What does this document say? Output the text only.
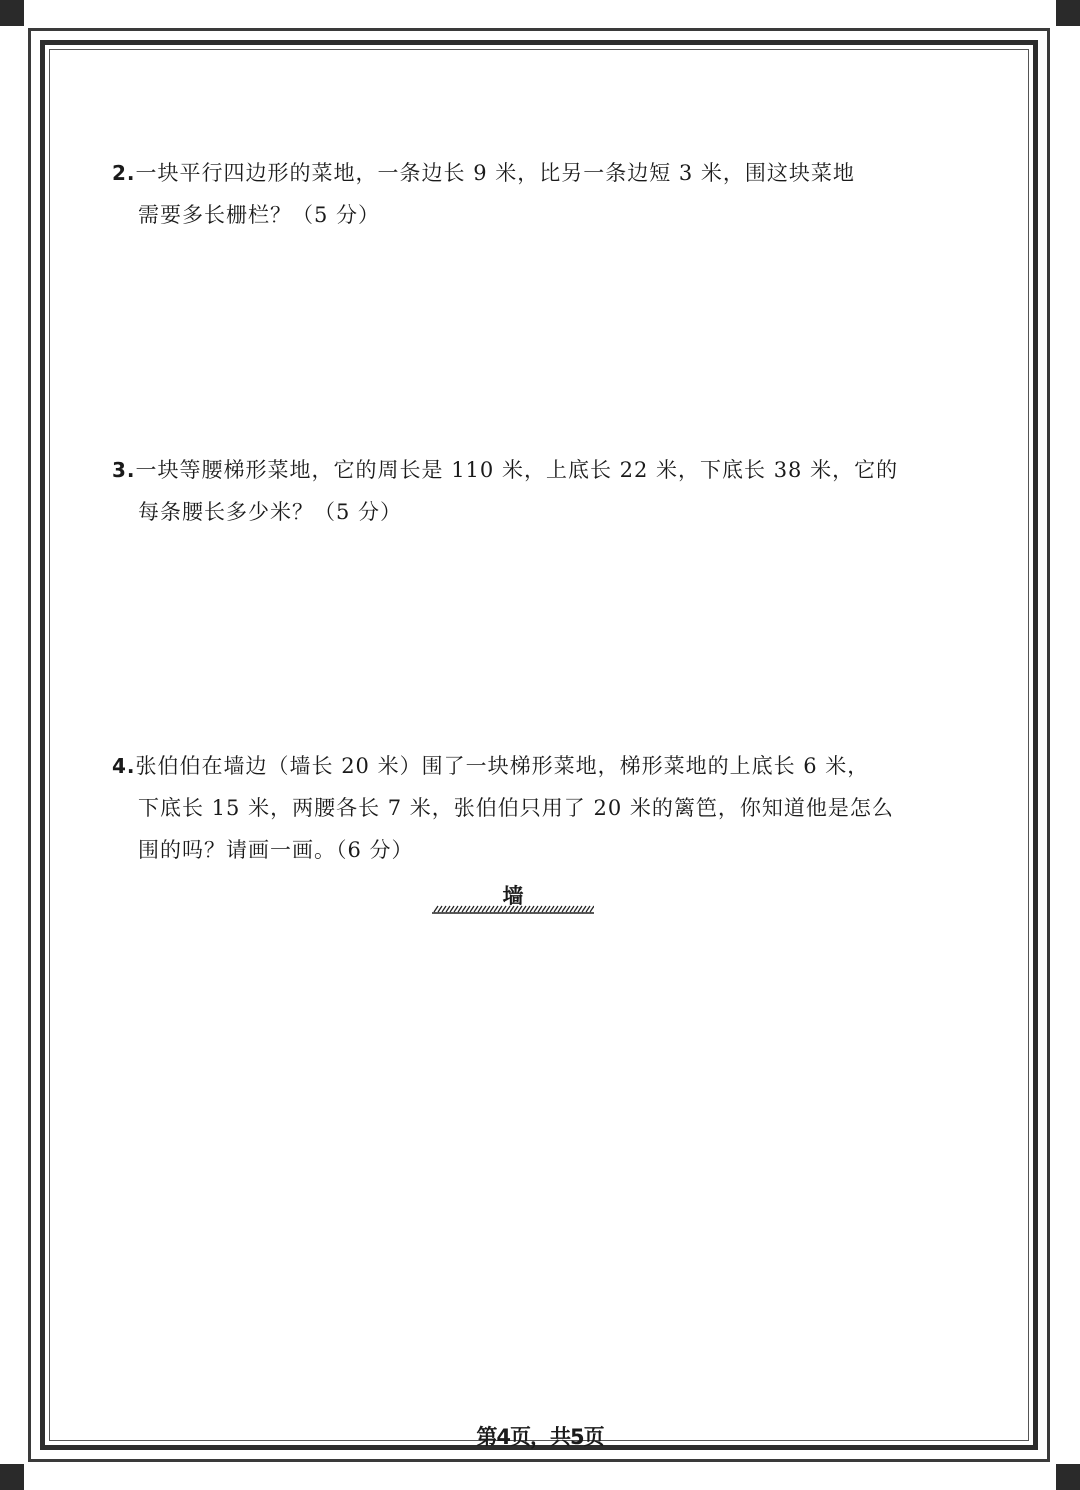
2.一块平行四边形的菜地，一条边长 9 米，比另一条边短 3 米，围这块菜地
需要多长栅栏？（5 分）
3.一块等腰梯形菜地，它的周长是 110 米，上底长 22 米，下底长 38 米，它的
每条腰长多少米？（5 分）
4.张伯伯在墙边（墙长 20 米）围了一块梯形菜地，梯形菜地的上底长 6 米，
下底长 15 米，两腰各长 7 米，张伯伯只用了 20 米的篱笆，你知道他是怎么
围的吗？请画一画。（6 分）
墙
第4页，共5页
